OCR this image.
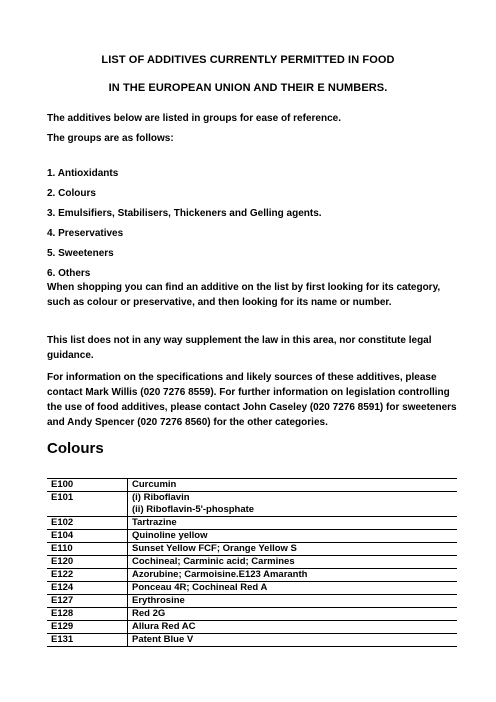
LIST OF ADDITIVES CURRENTLY PERMITTED IN FOOD
IN THE EUROPEAN UNION AND THEIR E NUMBERS.
The additives below are listed in groups for ease of reference.
The groups are as follows:
1. Antioxidants
2. Colours
3. Emulsifiers, Stabilisers, Thickeners and Gelling agents.
4. Preservatives
5. Sweeteners
6. Others
When shopping you can find an additive on the list by first looking for its category, such as colour or preservative, and then looking for its name or number.
This list does not in any way supplement the law in this area, nor constitute legal guidance.
For information on the specifications and likely sources of these additives, please contact Mark Willis (020 7276 8559). For further information on legislation controlling the use of food additives, please contact John Caseley (020 7276 8591) for sweeteners and Andy Spencer (020 7276 8560) for the other categories.
Colours
E100	Curcumin

E101	(i) Riboflavin
(ii) Riboflavin-5'-phosphate

E102	Tartrazine

E104	Quinoline yellow

E110	Sunset Yellow FCF; Orange Yellow S

E120	Cochineal; Carminic acid; Carmines

E122	Azorubine; Carmoisine.E123 Amaranth

E124	Ponceau 4R; Cochineal Red A

E127	Erythrosine

E128	Red 2G

E129	Allura Red AC

E131	Patent Blue V
